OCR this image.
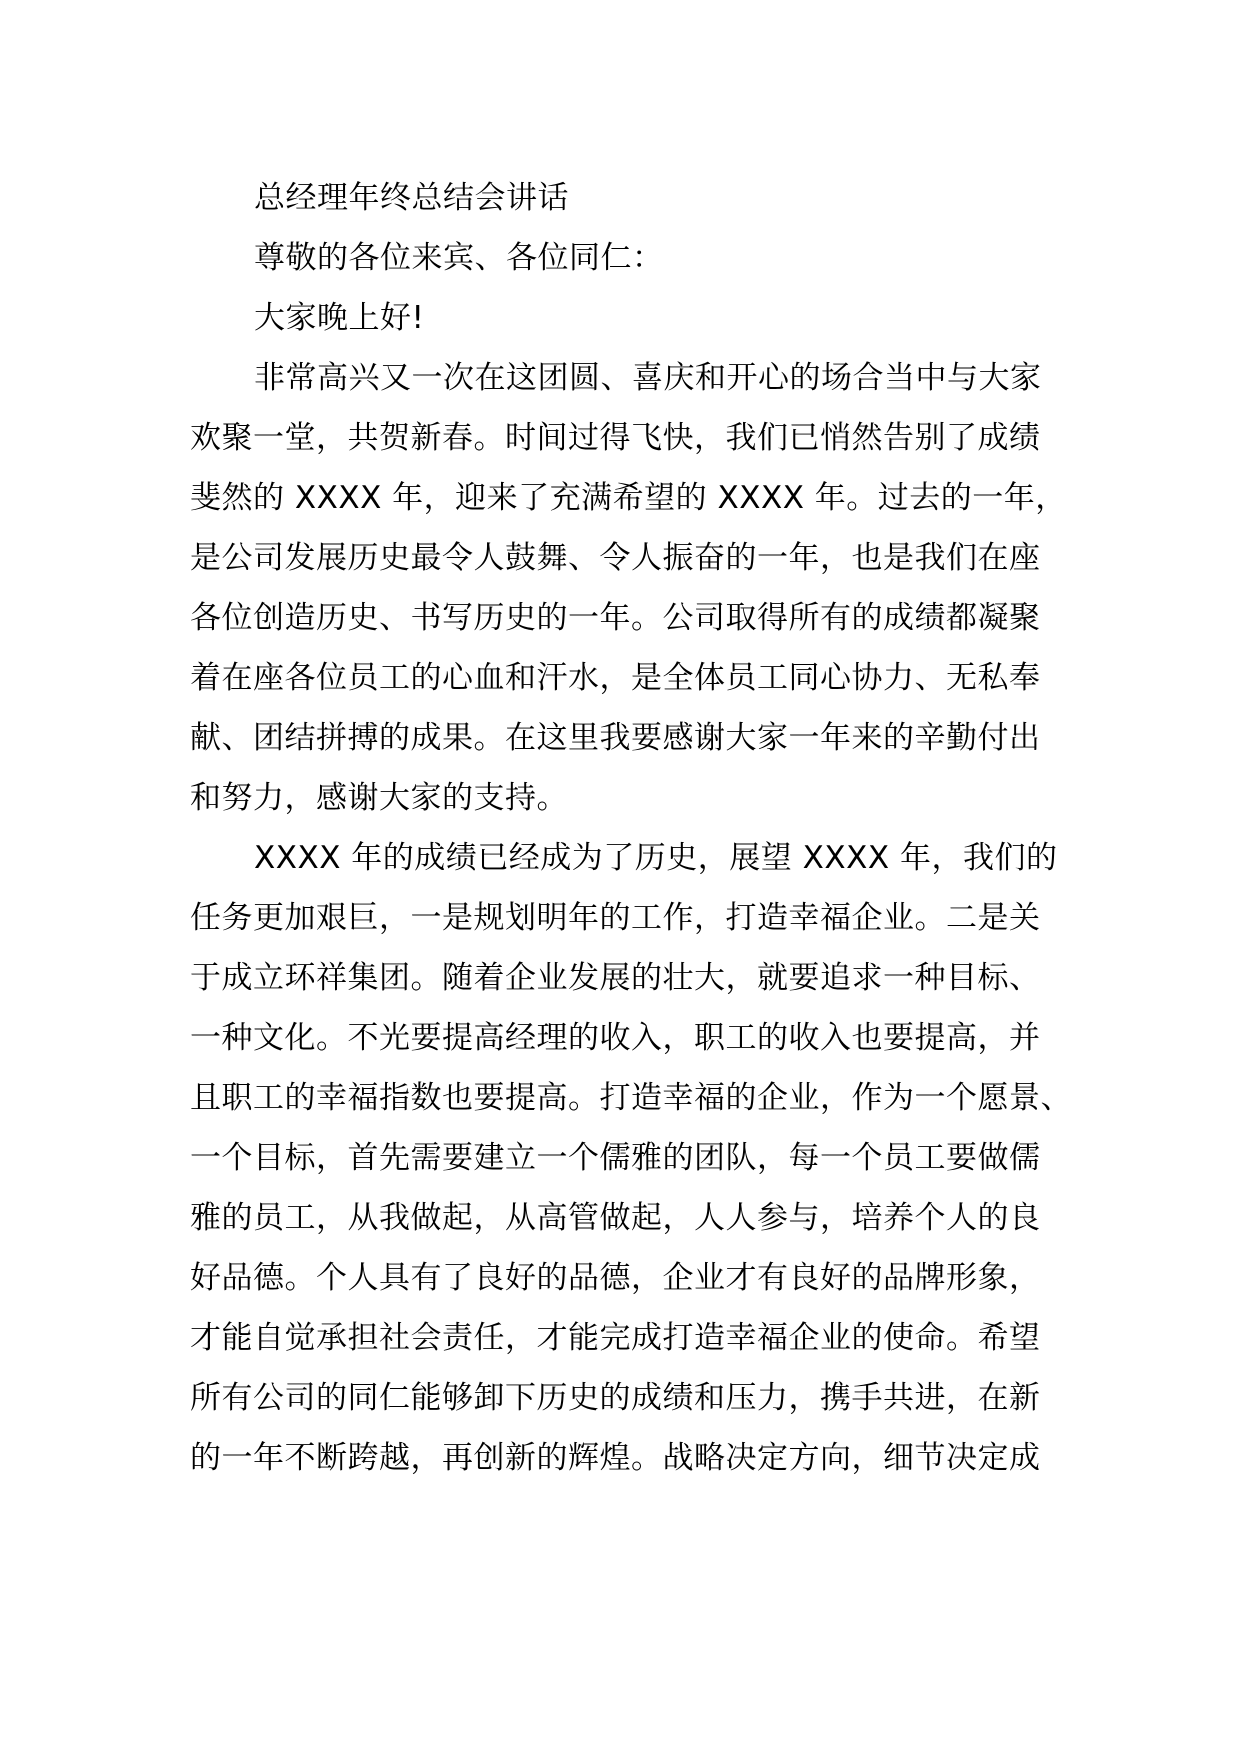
总经理年终总结会讲话
尊敬的各位来宾、各位同仁：
大家晚上好!
非常高兴又一次在这团圆、喜庆和开心的场合当中与大家
欢聚一堂，共贺新春。时间过得飞快，我们已悄然告别了成绩
斐然的 XXXX 年，迎来了充满希望的 XXXX 年。过去的一年，
是公司发展历史最令人鼓舞、令人振奋的一年，也是我们在座
各位创造历史、书写历史的一年。公司取得所有的成绩都凝聚
着在座各位员工的心血和汗水，是全体员工同心协力、无私奉
献、团结拼搏的成果。在这里我要感谢大家一年来的辛勤付出
和努力，感谢大家的支持。
XXXX 年的成绩已经成为了历史，展望 XXXX 年，我们的
任务更加艰巨，一是规划明年的工作，打造幸福企业。二是关
于成立环祥集团。随着企业发展的壮大，就要追求一种目标、
一种文化。不光要提高经理的收入，职工的收入也要提高，并
且职工的幸福指数也要提高。打造幸福的企业，作为一个愿景、
一个目标，首先需要建立一个儒雅的团队，每一个员工要做儒
雅的员工，从我做起，从高管做起，人人参与，培养个人的良
好品德。个人具有了良好的品德，企业才有良好的品牌形象，
才能自觉承担社会责任，才能完成打造幸福企业的使命。希望
所有公司的同仁能够卸下历史的成绩和压力，携手共进，在新
的一年不断跨越，再创新的辉煌。战略决定方向，细节决定成
